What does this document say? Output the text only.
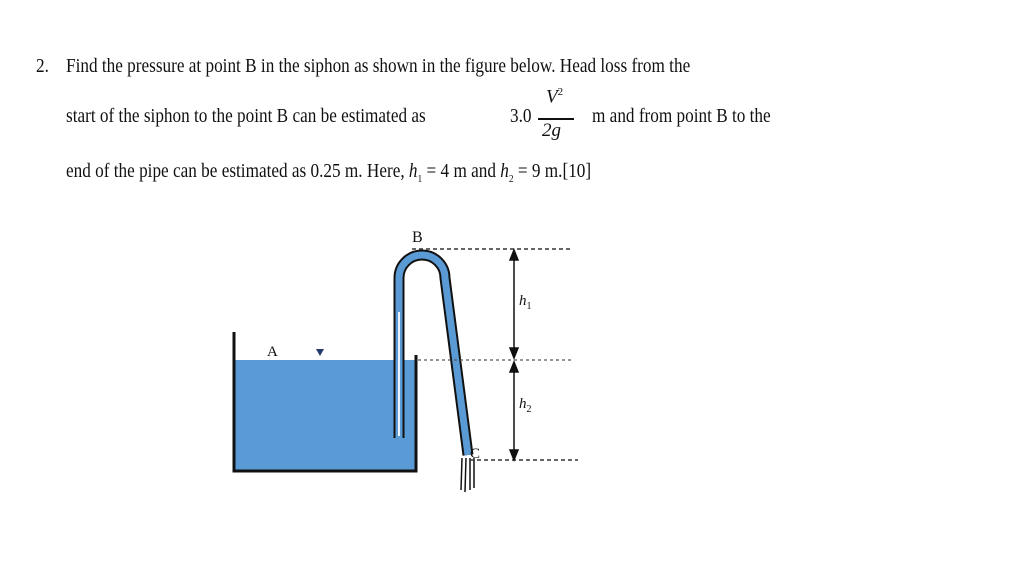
2. Find the pressure at point B in the siphon as shown in the figure below. Head loss from the
start of the siphon to the point B can be estimated as	3.0
$V^2$
2g
m and from point B to the
end of the pipe can be estimated as 0.25 m. Here, $h_1 = 4$ m and $h_2 = 9$ m.[10]
A
B
C
$h_1$
$h_2$
